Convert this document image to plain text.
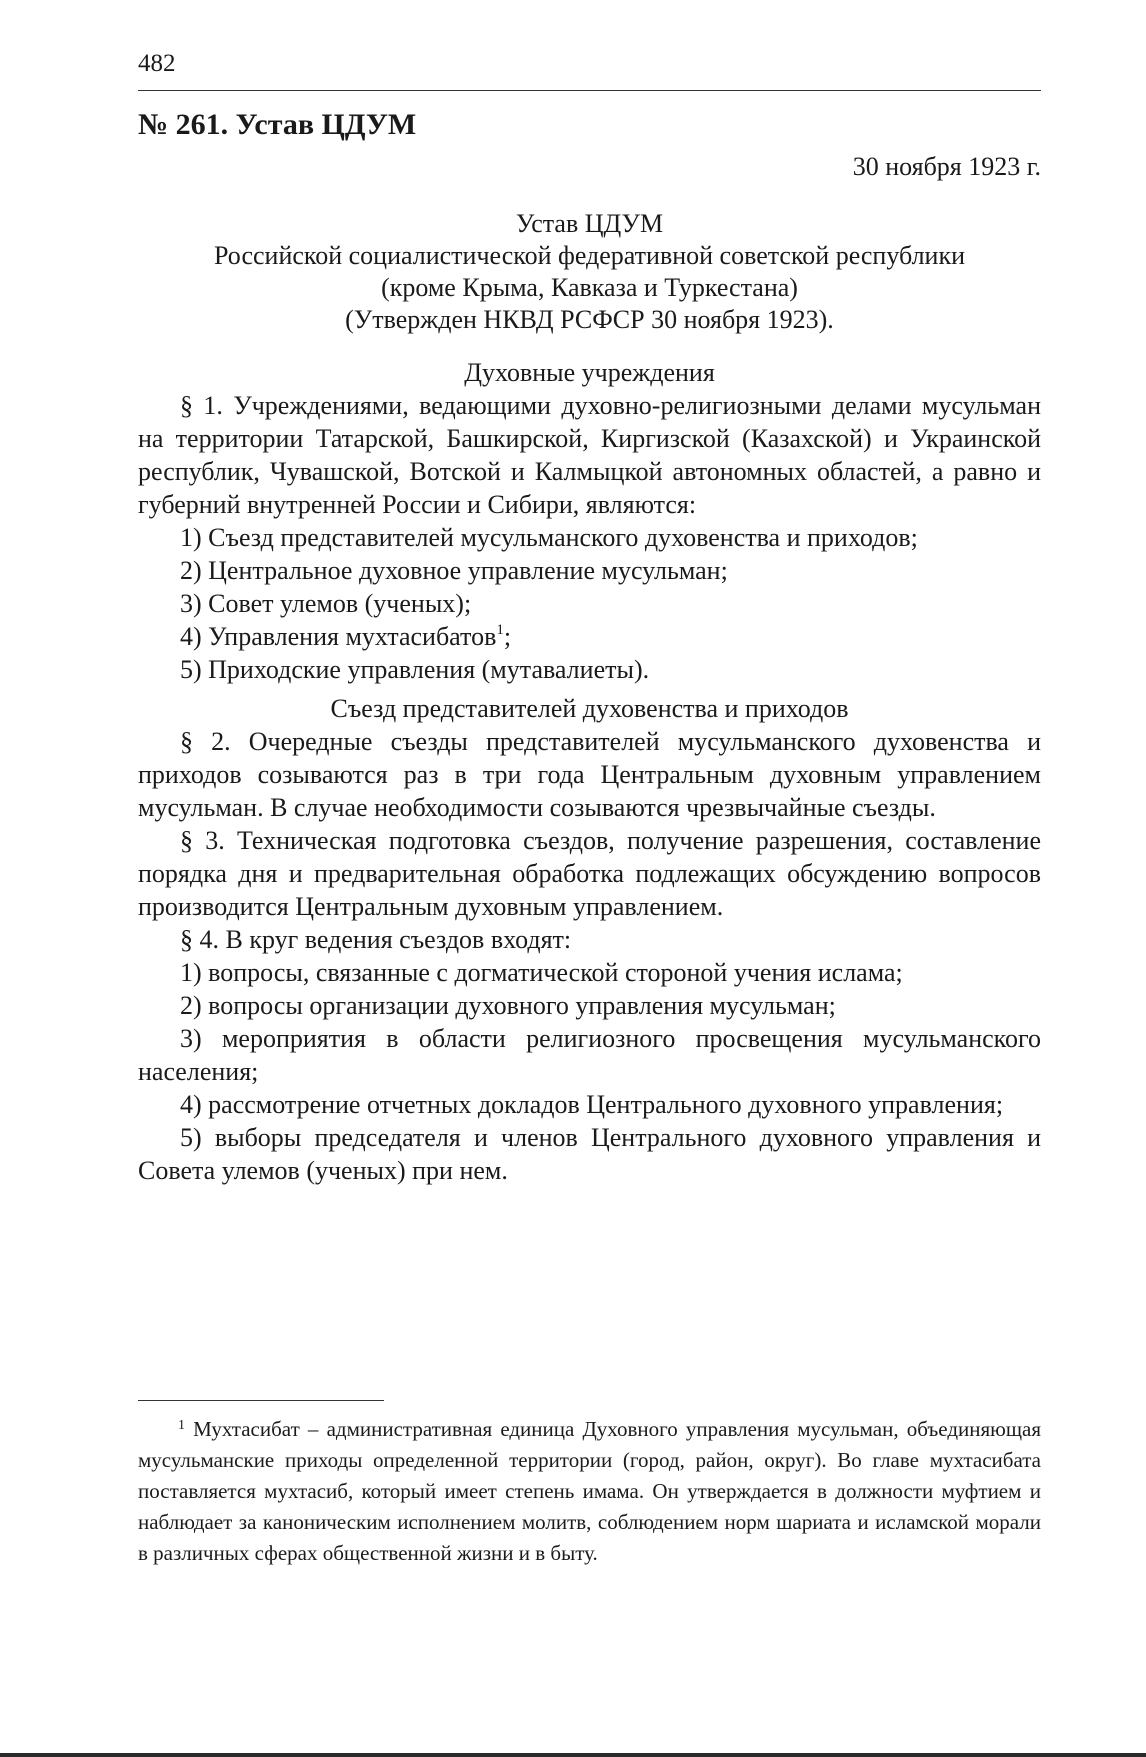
482
№ 261. Устав ЦДУМ
30 ноября 1923 г.
Устав ЦДУМ
Российской социалистической федеративной советской республики
(кроме Крыма, Кавказа и Туркестана)
(Утвержден НКВД РСФСР 30 ноября 1923).

Духовные учреждения

§ 1. Учреждениями, ведающими духовно-религиозными делами мусульман на территории Татарской, Башкирской, Киргизской (Казахской) и Украинской республик, Чувашской, Вотской и Калмыцкой автономных областей, а равно и губерний внутренней России и Сибири, являются:

1) Съезд представителей мусульманского духовенства и приходов;

2) Центральное духовное управление мусульман;

3) Совет улемов (ученых);

4) Управления мухтасибатов$^1$;

5) Приходские управления (мутавалиеты).

Съезд представителей духовенства и приходов

§ 2. Очередные съезды представителей мусульманского духовенства и приходов созываются раз в три года Центральным духовным управлением мусульман. В случае необходимости созываются чрезвычайные съезды.

§ 3. Техническая подготовка съездов, получение разрешения, составление порядка дня и предварительная обработка подлежащих обсуждению вопросов производится Центральным духовным управлением.

§ 4. В круг ведения съездов входят:

1) вопросы, связанные с догматической стороной учения ислама;

2) вопросы организации духовного управления мусульман;

3) мероприятия в области религиозного просвещения мусульманского населения;

4) рассмотрение отчетных докладов Центрального духовного управления;

5) выборы председателя и членов Центрального духовного управления и Совета улемов (ученых) при нем.

$^1$ Мухтасибат – административная единица Духовного управления мусульман, объединяющая мусульманские приходы определенной территории (город, район, округ). Во главе мухтасибата поставляется мухтасиб, который имеет степень имама. Он утверждается в должности муфтием и наблюдает за каноническим исполнением молитв, соблюдением норм шариата и исламской морали в различных сферах общественной жизни и в быту.
